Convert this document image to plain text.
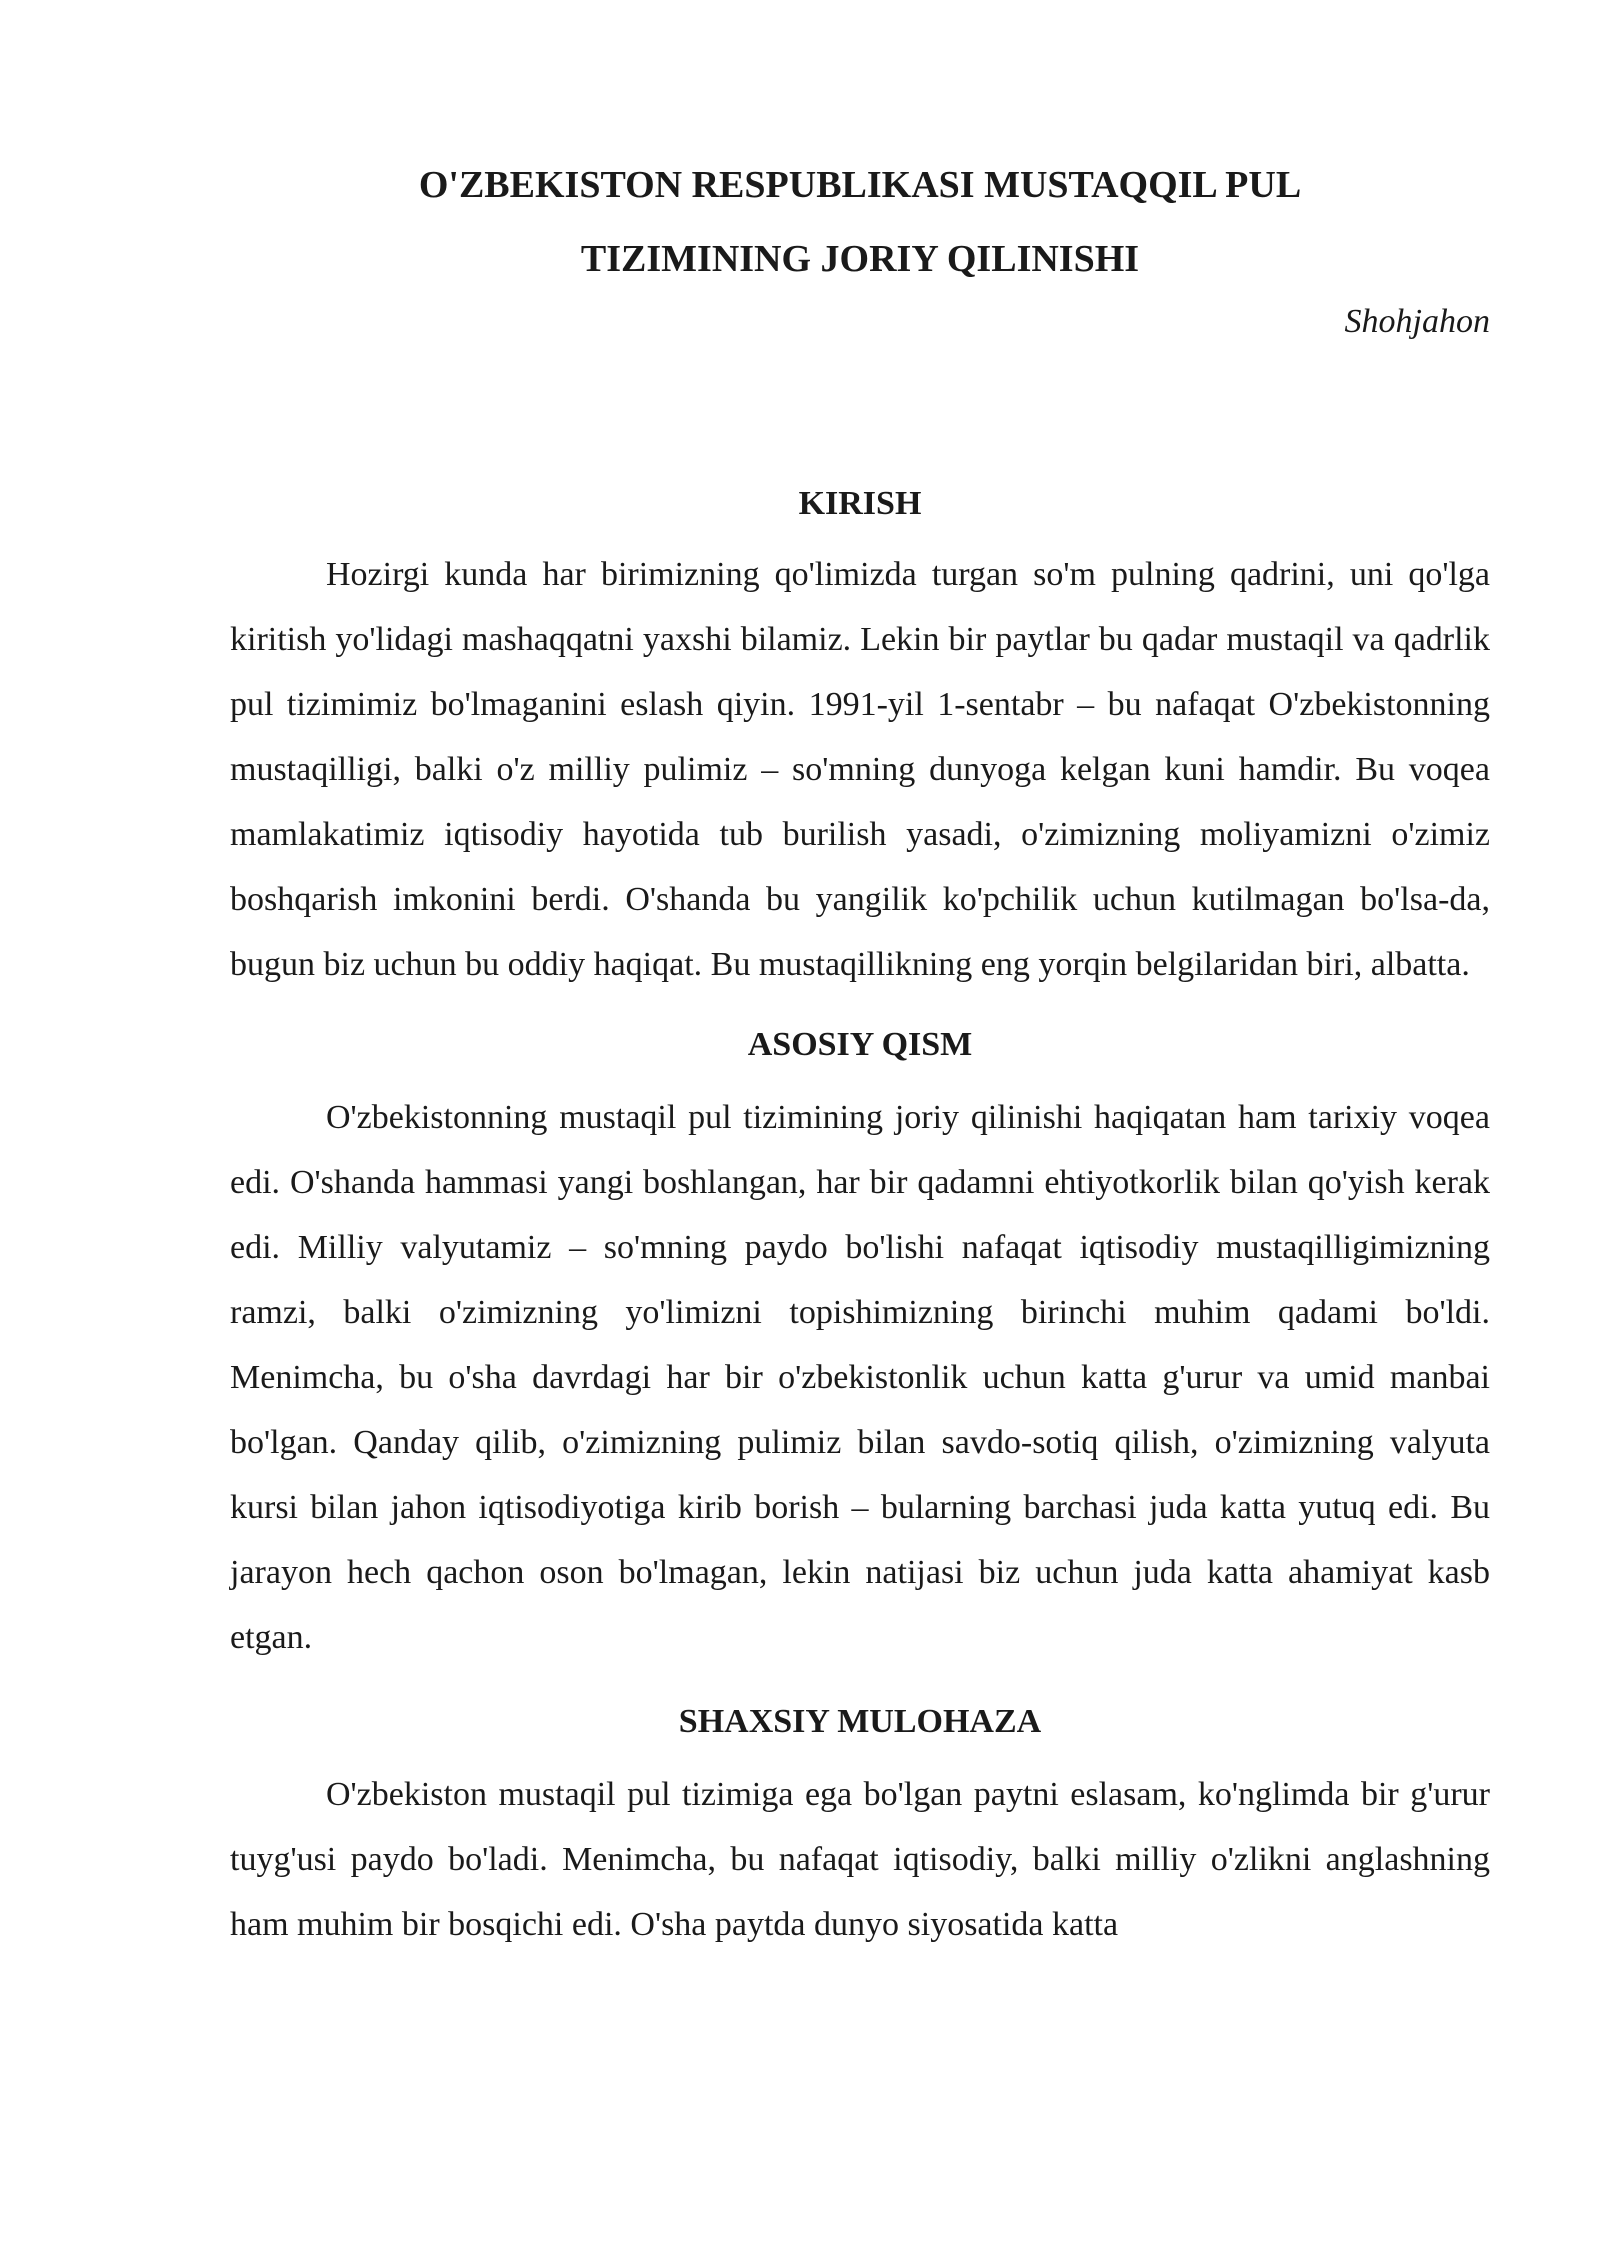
O'ZBEKISTON RESPUBLIKASI MUSTAQQIL PUL

TIZIMINING JORIY QILINISHI

Shohjahon

KIRISH

Hozirgi kunda har birimizning qo'limizda turgan so'm pulning qadrini, uni qo'lga kiritish yo'lidagi mashaqqatni yaxshi bilamiz. Lekin bir paytlar bu qadar mustaqil va qadrlik pul tizimimiz bo'lmaganini eslash qiyin. 1991-yil 1-sentabr – bu nafaqat O'zbekistonning mustaqilligi, balki o'z milliy pulimiz – so'mning dunyoga kelgan kuni hamdir. Bu voqea mamlakatimiz iqtisodiy hayotida tub burilish yasadi, o'zimizning moliyamizni o'zimiz boshqarish imkonini berdi. O'shanda bu yangilik ko'pchilik uchun kutilmagan bo'lsa-da, bugun biz uchun bu oddiy haqiqat. Bu mustaqillikning eng yorqin belgilaridan biri, albatta.

ASOSIY QISM

O'zbekistonning mustaqil pul tizimining joriy qilinishi haqiqatan ham tarixiy voqea edi. O'shanda hammasi yangi boshlangan, har bir qadamni ehtiyotkorlik bilan qo'yish kerak edi. Milliy valyutamiz – so'mning paydo bo'lishi nafaqat iqtisodiy mustaqilligimizning ramzi, balki o'zimizning yo'limizni topishimizning birinchi muhim qadami bo'ldi. Menimcha, bu o'sha davrdagi har bir o'zbekistonlik uchun katta g'urur va umid manbai bo'lgan. Qanday qilib, o'zimizning pulimiz bilan savdo-sotiq qilish, o'zimizning valyuta kursi bilan jahon iqtisodiyotiga kirib borish – bularning barchasi juda katta yutuq edi. Bu jarayon hech qachon oson bo'lmagan, lekin natijasi biz uchun juda katta ahamiyat kasb etgan.

SHAXSIY MULOHAZA

O'zbekiston mustaqil pul tizimiga ega bo'lgan paytni eslasam, ko'nglimda bir g'urur tuyg'usi paydo bo'ladi. Menimcha, bu nafaqat iqtisodiy, balki milliy o'zlikni anglashning ham muhim bir bosqichi edi. O'sha paytda dunyo siyosatida katta
